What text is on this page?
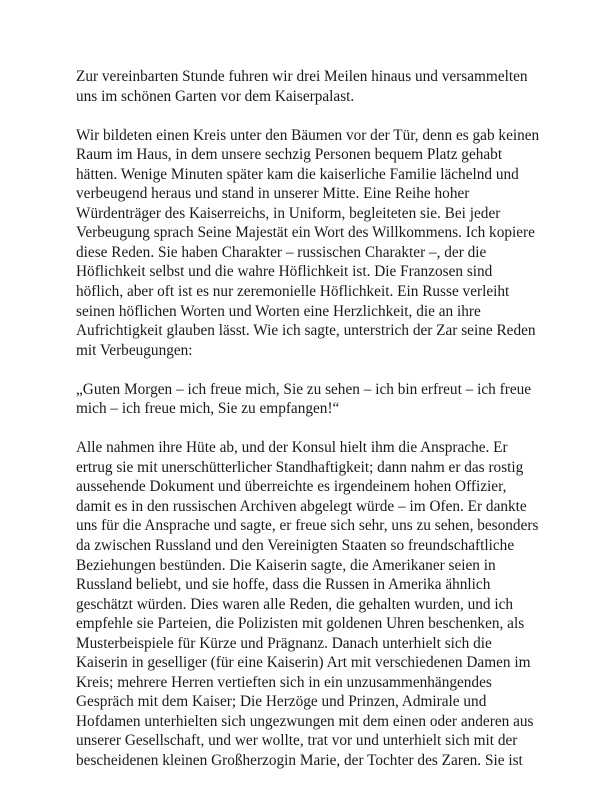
Zur vereinbarten Stunde fuhren wir drei Meilen hinaus und versammelten
uns im schönen Garten vor dem Kaiserpalast.

Wir bildeten einen Kreis unter den Bäumen vor der Tür, denn es gab keinen
Raum im Haus, in dem unsere sechzig Personen bequem Platz gehabt
hätten. Wenige Minuten später kam die kaiserliche Familie lächelnd und
verbeugend heraus und stand in unserer Mitte. Eine Reihe hoher
Würdenträger des Kaiserreichs, in Uniform, begleiteten sie. Bei jeder
Verbeugung sprach Seine Majestät ein Wort des Willkommens. Ich kopiere
diese Reden. Sie haben Charakter – russischen Charakter –, der die
Höflichkeit selbst und die wahre Höflichkeit ist. Die Franzosen sind
höflich, aber oft ist es nur zeremonielle Höflichkeit. Ein Russe verleiht
seinen höflichen Worten und Worten eine Herzlichkeit, die an ihre
Aufrichtigkeit glauben lässt. Wie ich sagte, unterstrich der Zar seine Reden
mit Verbeugungen:

„Guten Morgen – ich freue mich, Sie zu sehen – ich bin erfreut – ich freue
mich – ich freue mich, Sie zu empfangen!“

Alle nahmen ihre Hüte ab, und der Konsul hielt ihm die Ansprache. Er
ertrug sie mit unerschütterlicher Standhaftigkeit; dann nahm er das rostig
aussehende Dokument und überreichte es irgendeinem hohen Offizier,
damit es in den russischen Archiven abgelegt würde – im Ofen. Er dankte
uns für die Ansprache und sagte, er freue sich sehr, uns zu sehen, besonders
da zwischen Russland und den Vereinigten Staaten so freundschaftliche
Beziehungen bestünden. Die Kaiserin sagte, die Amerikaner seien in
Russland beliebt, und sie hoffe, dass die Russen in Amerika ähnlich
geschätzt würden. Dies waren alle Reden, die gehalten wurden, und ich
empfehle sie Parteien, die Polizisten mit goldenen Uhren beschenken, als
Musterbeispiele für Kürze und Prägnanz. Danach unterhielt sich die
Kaiserin in geselliger (für eine Kaiserin) Art mit verschiedenen Damen im
Kreis; mehrere Herren vertieften sich in ein unzusammenhängendes
Gespräch mit dem Kaiser; Die Herzöge und Prinzen, Admirale und
Hofdamen unterhielten sich ungezwungen mit dem einen oder anderen aus
unserer Gesellschaft, und wer wollte, trat vor und unterhielt sich mit der
bescheidenen kleinen Großherzogin Marie, der Tochter des Zaren. Sie ist
